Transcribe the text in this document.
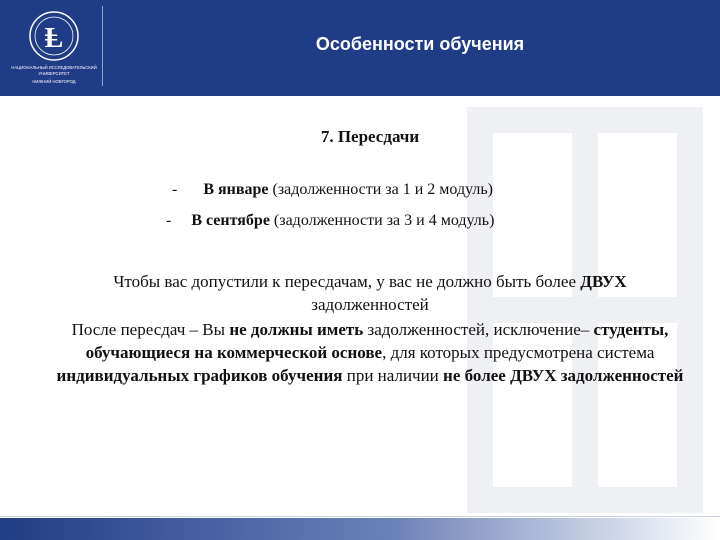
Ⱡ
НАЦИОНАЛЬНЫЙ ИССЛЕДОВАТЕЛЬСКИЙ
УНИВЕРСИТЕТ
НИЖНИЙ НОВГОРОД
Особенности обучения
7. Пересдачи
- В январе (задолженности за 1 и 2 модуль)
- В сентябре (задолженности за 3 и 4 модуль)
Чтобы вас допустили к пересдачам, у вас не должно быть более ДВУХ задолженностей
После пересдач – Вы не должны иметь задолженностей, исключение– студенты, обучающиеся на коммерческой основе, для которых предусмотрена система индивидуальных графиков обучения при наличии не более ДВУХ задолженностей
